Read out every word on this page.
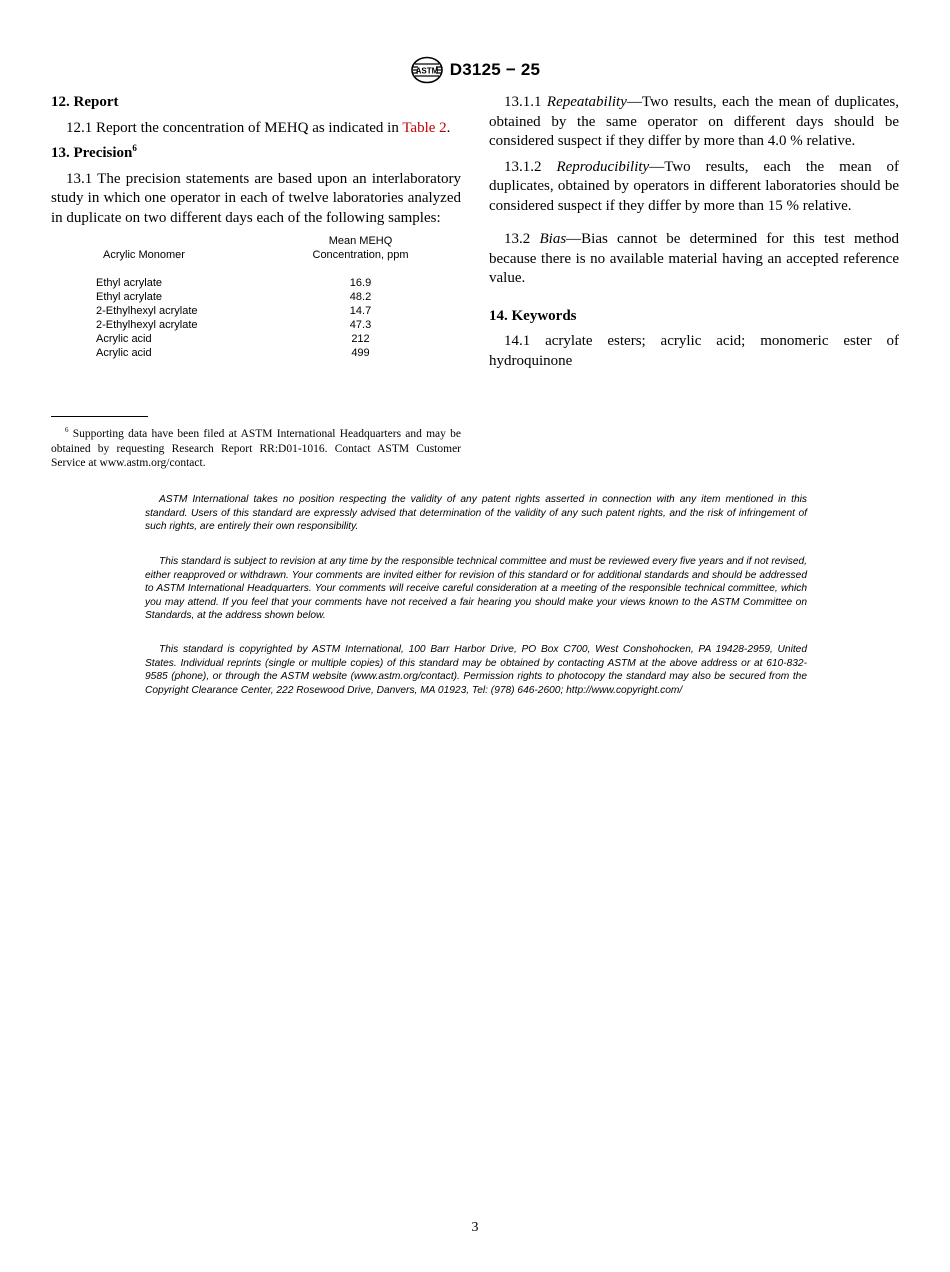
ASTM D3125 − 25
12. Report

12.1 Report the concentration of MEHQ as indicated in Table 2.

13. Precision$^6$

13.1 The precision statements are based upon an interlaboratory study in which one operator in each of twelve laboratories analyzed in duplicate on two different days each of the following samples:

Acrylic Monomer	Mean MEHQ
Concentration, ppm

Ethyl acrylate	16.9
Ethyl acrylate	48.2
2-Ethylhexyl acrylate	14.7
2-Ethylhexyl acrylate	47.3
Acrylic acid	212
Acrylic acid	499

13.1.1 Repeatability—Two results, each the mean of duplicates, obtained by the same operator on different days should be considered suspect if they differ by more than 4.0 % relative.

13.1.2 Reproducibility—Two results, each the mean of duplicates, obtained by operators in different laboratories should be considered suspect if they differ by more than 15 % relative.

13.2 Bias—Bias cannot be determined for this test method because there is no available material having an accepted reference value.

14. Keywords

14.1 acrylate esters; acrylic acid; monomeric ester of hydroquinone

$^6$ Supporting data have been filed at ASTM International Headquarters and may be obtained by requesting Research Report RR:D01-1016. Contact ASTM Customer Service at www.astm.org/contact.

ASTM International takes no position respecting the validity of any patent rights asserted in connection with any item mentioned in this standard. Users of this standard are expressly advised that determination of the validity of any such patent rights, and the risk of infringement of such rights, are entirely their own responsibility.

This standard is subject to revision at any time by the responsible technical committee and must be reviewed every five years and if not revised, either reapproved or withdrawn. Your comments are invited either for revision of this standard or for additional standards and should be addressed to ASTM International Headquarters. Your comments will receive careful consideration at a meeting of the responsible technical committee, which you may attend. If you feel that your comments have not received a fair hearing you should make your views known to the ASTM Committee on Standards, at the address shown below.

This standard is copyrighted by ASTM International, 100 Barr Harbor Drive, PO Box C700, West Conshohocken, PA 19428-2959, United States. Individual reprints (single or multiple copies) of this standard may be obtained by contacting ASTM at the above address or at 610-832-9585 (phone), or through the ASTM website (www.astm.org/contact). Permission rights to photocopy the standard may also be secured from the Copyright Clearance Center, 222 Rosewood Drive, Danvers, MA 01923, Tel: (978) 646-2600; http://www.copyright.com/

3
